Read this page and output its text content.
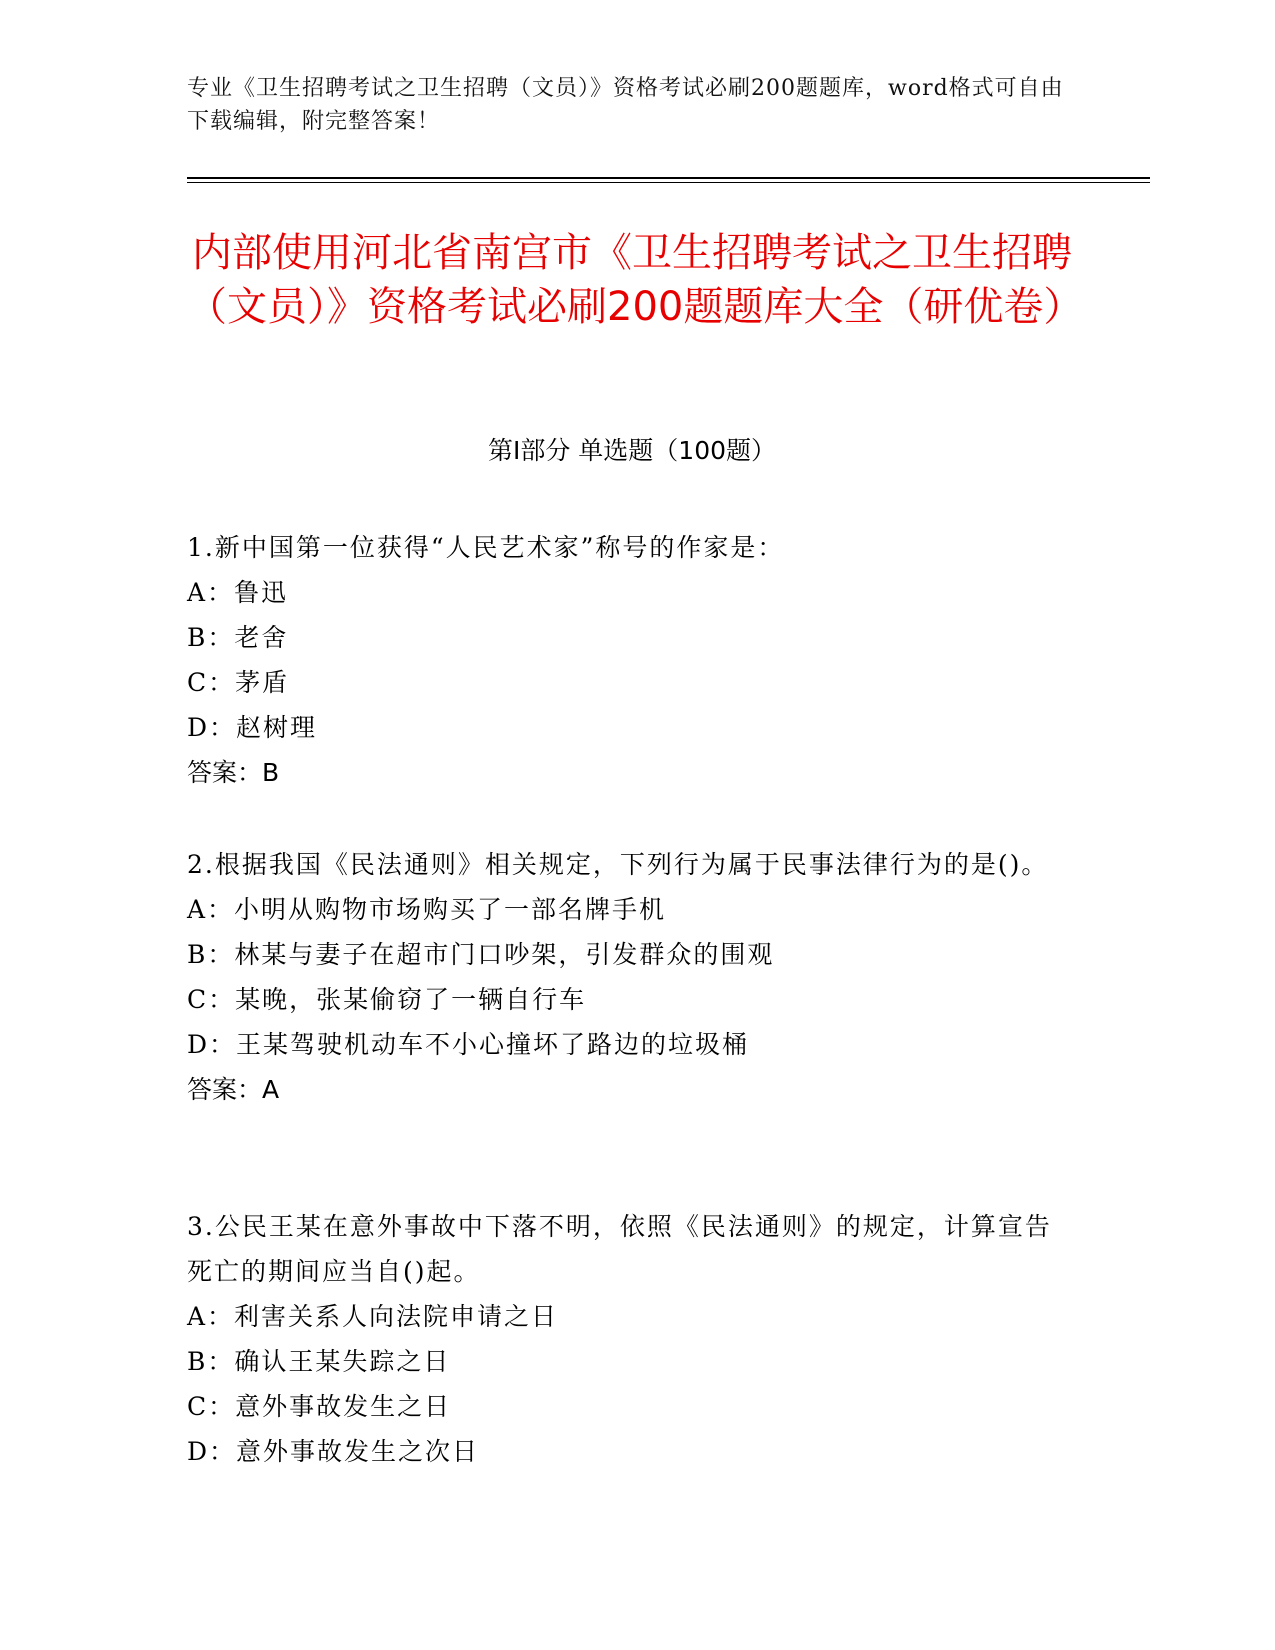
专业《卫生招聘考试之卫生招聘（文员）》资格考试必刷200题题库，word格式可自由下载编辑，附完整答案！
内部使用河北省南宫市《卫生招聘考试之卫生招聘（文员）》资格考试必刷200题题库大全（研优卷）
第Ⅰ部分 单选题（100题）
1.新中国第一位获得“人民艺术家”称号的作家是：
A：鲁迅
B：老舍
C：茅盾
D：赵树理
答案：B
2.根据我国《民法通则》相关规定，下列行为属于民事法律行为的是()。
A：小明从购物市场购买了一部名牌手机
B：林某与妻子在超市门口吵架，引发群众的围观
C：某晚，张某偷窃了一辆自行车
D：王某驾驶机动车不小心撞坏了路边的垃圾桶
答案：A
3.公民王某在意外事故中下落不明，依照《民法通则》的规定，计算宣告死亡的期间应当自()起。
A：利害关系人向法院申请之日
B：确认王某失踪之日
C：意外事故发生之日
D：意外事故发生之次日
